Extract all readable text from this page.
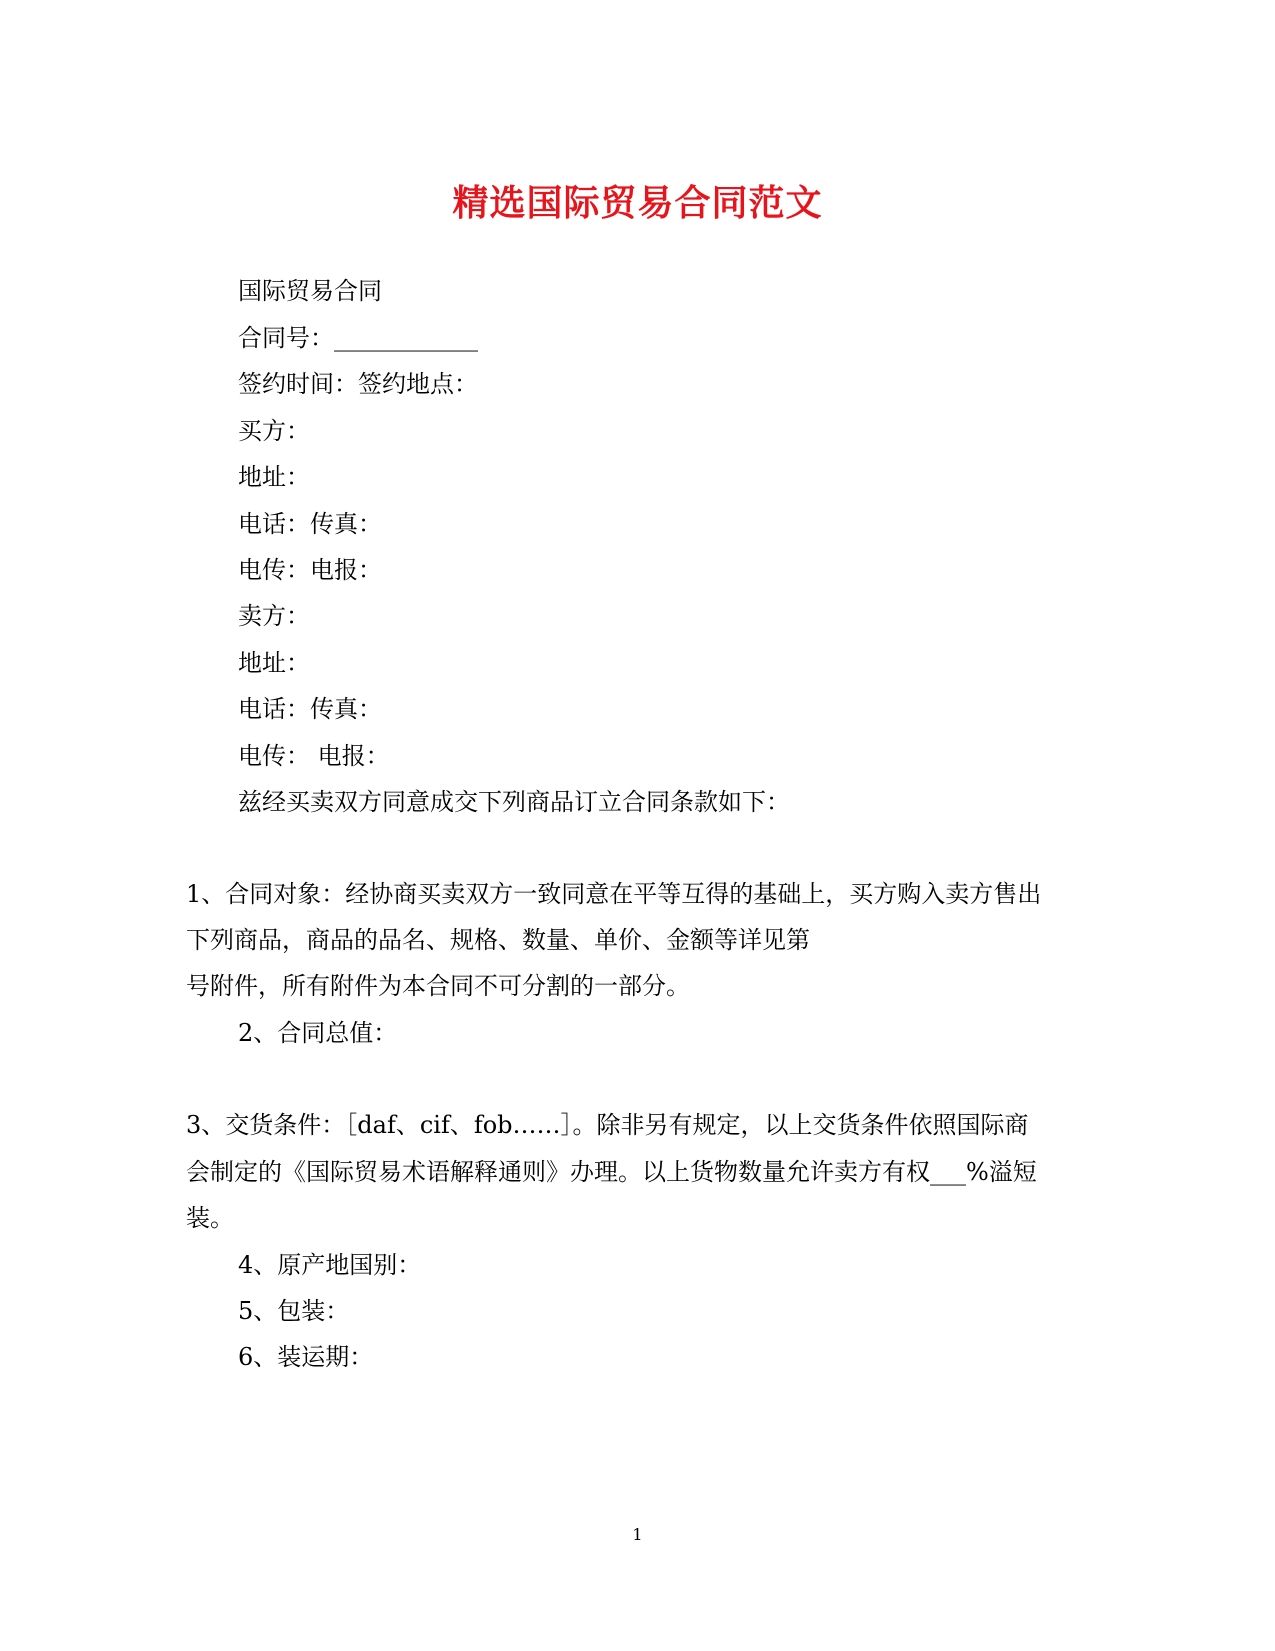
精选国际贸易合同范文
国际贸易合同
合同号：____________
签约时间：签约地点：
买方：
地址：
电话：传真：
电传：电报：
卖方：
地址：
电话：传真：
电传： 电报：
兹经买卖双方同意成交下列商品订立合同条款如下：
1、合同对象：经协商买卖双方一致同意在平等互得的基础上，买方购入卖方售出
下列商品，商品的品名、规格、数量、单价、金额等详见第
号附件，所有附件为本合同不可分割的一部分。
2、合同总值：
3、交货条件：［daf、cif、fob……］。除非另有规定，以上交货条件依照国际商
会制定的《国际贸易术语解释通则》办理。以上货物数量允许卖方有权___%溢短
装。
4、原产地国别：
5、包装：
6、装运期：
1
